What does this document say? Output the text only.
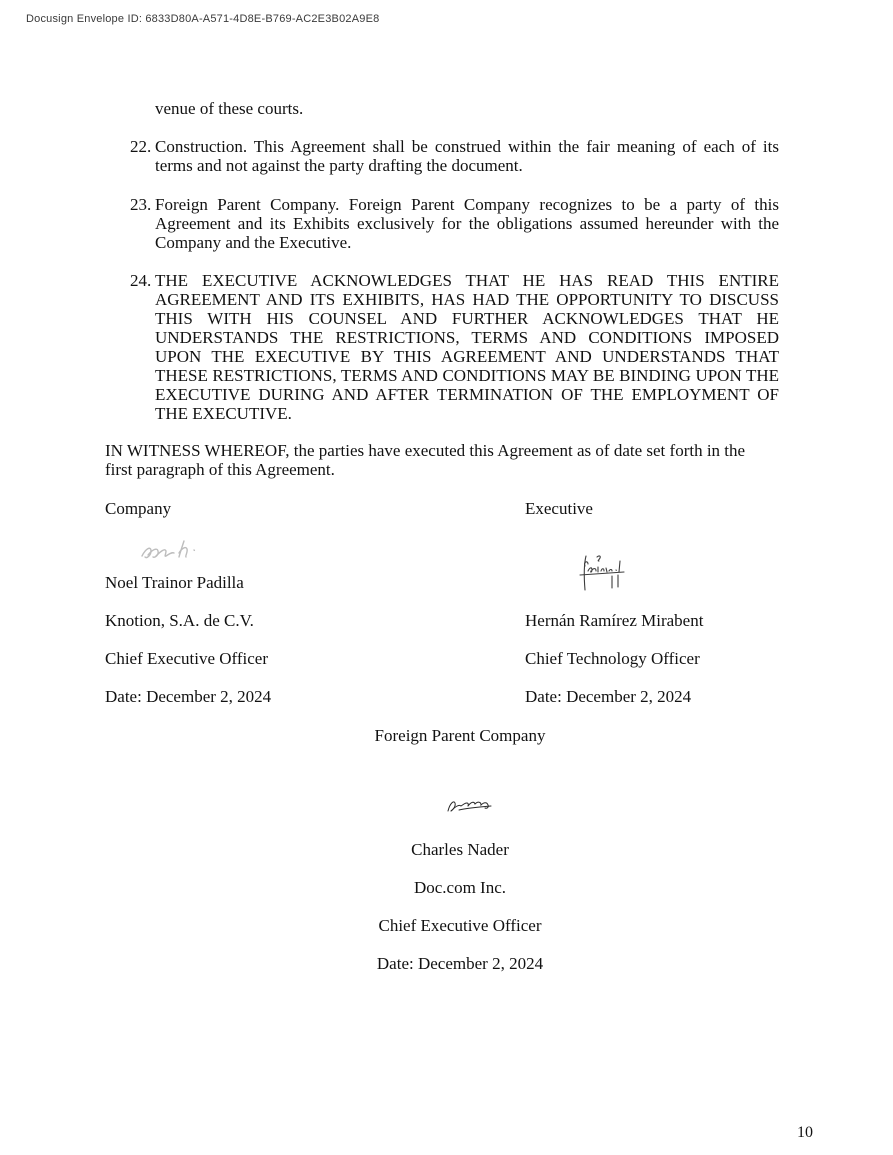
Docusign Envelope ID: 6833D80A-A571-4D8E-B769-AC2E3B02A9E8
venue of these courts.
22. Construction. This Agreement shall be construed within the fair meaning of each of its terms and not against the party drafting the document.
23. Foreign Parent Company. Foreign Parent Company recognizes to be a party of this Agreement and its Exhibits exclusively for the obligations assumed hereunder with the Company and the Executive.
24. THE EXECUTIVE ACKNOWLEDGES THAT HE HAS READ THIS ENTIRE AGREEMENT AND ITS EXHIBITS, HAS HAD THE OPPORTUNITY TO DISCUSS THIS WITH HIS COUNSEL AND FURTHER ACKNOWLEDGES THAT HE UNDERSTANDS THE RESTRICTIONS, TERMS AND CONDITIONS IMPOSED UPON THE EXECUTIVE BY THIS AGREEMENT AND UNDERSTANDS THAT THESE RESTRICTIONS, TERMS AND CONDITIONS MAY BE BINDING UPON THE EXECUTIVE DURING AND AFTER TERMINATION OF THE EMPLOYMENT OF THE EXECUTIVE.
IN WITNESS WHEREOF, the parties have executed this Agreement as of date set forth in the first paragraph of this Agreement.
Company	Executive
Noel Trainor Padilla
Knotion, S.A. de C.V.	Hernán Ramírez Mirabent
Chief Executive Officer	Chief Technology Officer
Date: December 2, 2024	Date: December 2, 2024
Foreign Parent Company
Charles Nader
Doc.com Inc.
Chief Executive Officer
Date: December 2, 2024
10
